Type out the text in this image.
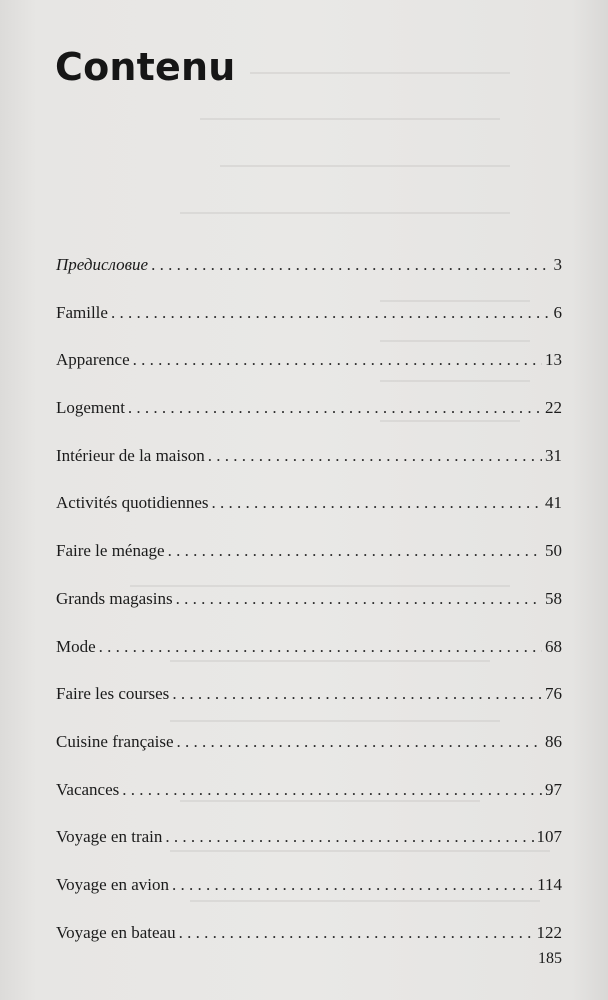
Contenu
Предисловие . . .	3
Famille . . .	6
Apparence . . .	13
Logement . . .	22
Intérieur de la maison . . .	31
Activités quotidiennes . . .	41
Faire le ménage . . .	50
Grands magasins . . .	58
Mode . . .	68
Faire les courses . . .	76
Cuisine française . . .	86
Vacances . . .	97
Voyage en train . . .	107
Voyage en avion . . .	114
Voyage en bateau . . .	122
185
